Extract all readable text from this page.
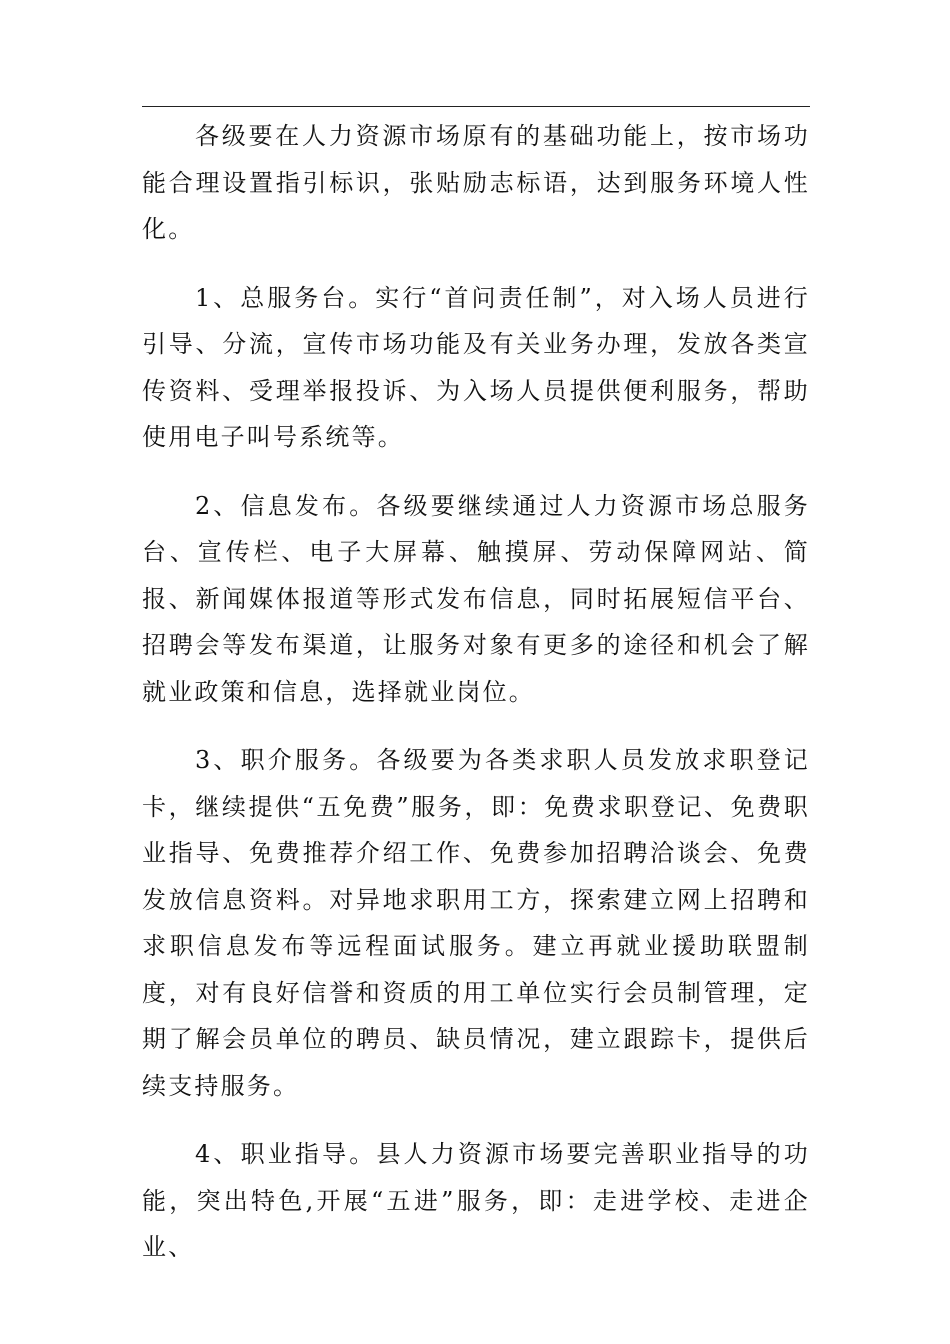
各级要在人力资源市场原有的基础功能上，按市场功能合理设置指引标识，张贴励志标语，达到服务环境人性化。

1、总服务台。实行“首问责任制”，对入场人员进行引导、分流，宣传市场功能及有关业务办理，发放各类宣传资料、受理举报投诉、为入场人员提供便利服务，帮助使用电子叫号系统等。

2、信息发布。各级要继续通过人力资源市场总服务台、宣传栏、电子大屏幕、触摸屏、劳动保障网站、简报、新闻媒体报道等形式发布信息，同时拓展短信平台、招聘会等发布渠道，让服务对象有更多的途径和机会了解就业政策和信息，选择就业岗位。

3、职介服务。各级要为各类求职人员发放求职登记卡，继续提供“五免费”服务，即：免费求职登记、免费职业指导、免费推荐介绍工作、免费参加招聘洽谈会、免费发放信息资料。对异地求职用工方，探索建立网上招聘和求职信息发布等远程面试服务。建立再就业援助联盟制度，对有良好信誉和资质的用工单位实行会员制管理，定期了解会员单位的聘员、缺员情况，建立跟踪卡，提供后续支持服务。

4、职业指导。县人力资源市场要完善职业指导的功能，突出特色,开展“五进”服务，即：走进学校、走进企业、
